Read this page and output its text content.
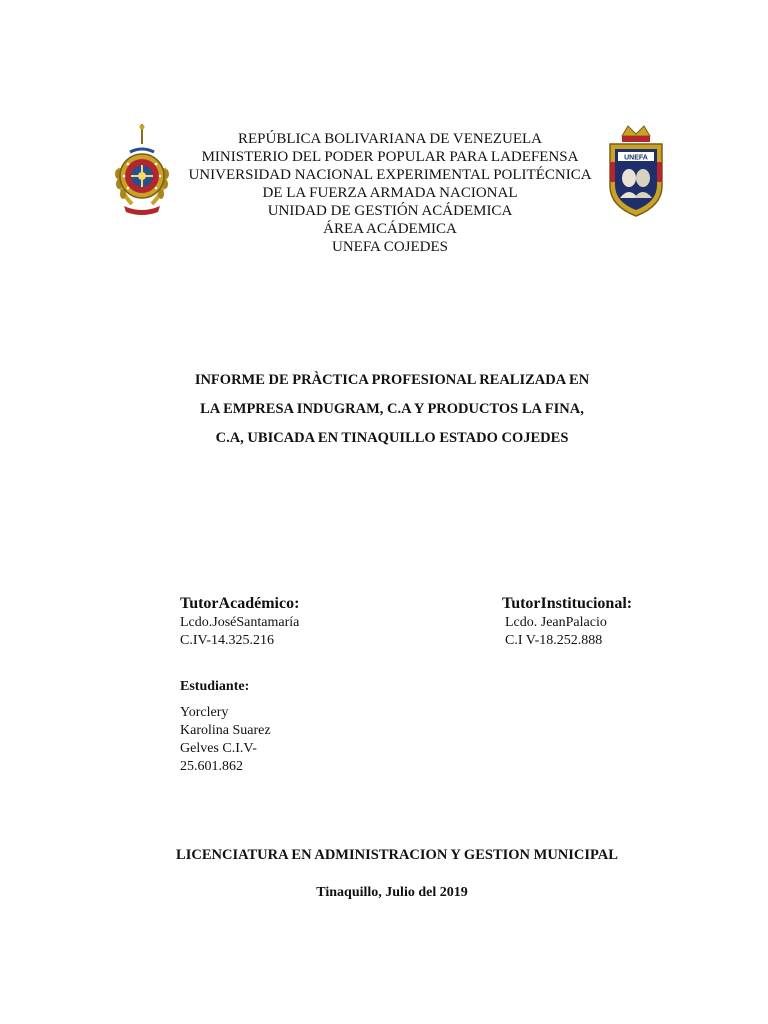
REPÚBLICA BOLIVARIANA DE VENEZUELA
MINISTERIO DEL PODER POPULAR PARA LADEFENSA
UNIVERSIDAD NACIONAL EXPERIMENTAL POLITÉCNICA
DE LA FUERZA ARMADA NACIONAL
UNIDAD DE GESTIÓN ACÁDEMICA
ÁREA ACÁDEMICA
UNEFA COJEDES
UNEFA
INFORME DE PRÀCTICA PROFESIONAL REALIZADA EN
LA EMPRESA INDUGRAM, C.A Y PRODUCTOS LA FINA,
C.A, UBICADA EN TINAQUILLO ESTADO COJEDES
TutorAcadémico:
Lcdo.JoséSantamaría
C.IV-14.325.216
TutorInstitucional:
Lcdo. JeanPalacio
C.I V-18.252.888
Estudiante:
Yorclery
Karolina Suarez
Gelves C.I.V-
25.601.862
LICENCIATURA EN ADMINISTRACION Y GESTION MUNICIPAL
Tinaquillo, Julio del 2019
